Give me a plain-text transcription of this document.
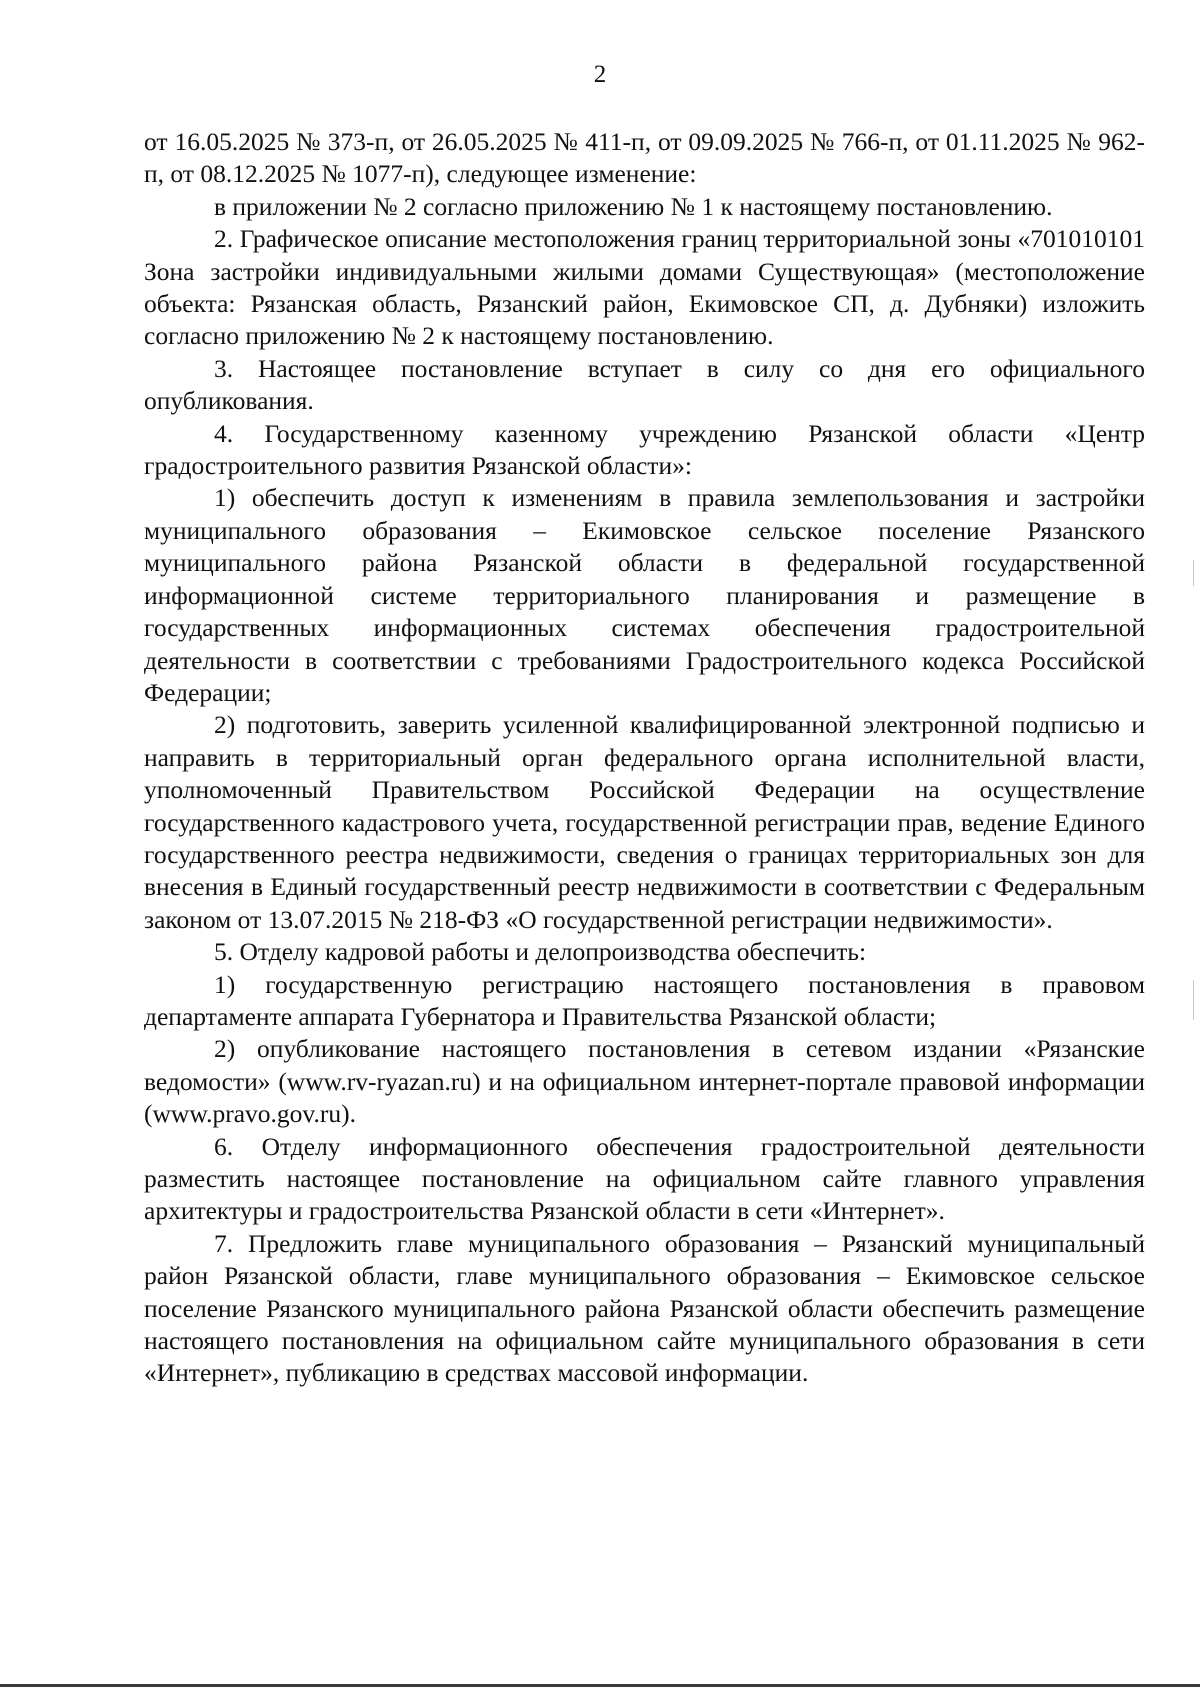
2

от 16.05.2025 № 373-п, от 26.05.2025 № 411-п, от 09.09.2025 № 766-п, от 01.11.2025 № 962-п, от 08.12.2025 № 1077-п), следующее изменение:

в приложении № 2 согласно приложению № 1 к настоящему постановлению.

2. Графическое описание местоположения границ территориальной зоны «701010101 Зона застройки индивидуальными жилыми домами Существующая» (местоположение объекта: Рязанская область, Рязанский район, Екимовское СП, д. Дубняки) изложить согласно приложению № 2 к настоящему постановлению.

3. Настоящее постановление вступает в силу со дня его официального опубликования.

4. Государственному казенному учреждению Рязанской области «Центр градостроительного развития Рязанской области»:

1) обеспечить доступ к изменениям в правила землепользования и застройки муниципального образования – Екимовское сельское поселение Рязанского муниципального района Рязанской области в федеральной государственной информационной системе территориального планирования и размещение в государственных информационных системах обеспечения градостроительной деятельности в соответствии с требованиями Градостроительного кодекса Российской Федерации;

2) подготовить, заверить усиленной квалифицированной электронной подписью и направить в территориальный орган федерального органа исполнительной власти, уполномоченный Правительством Российской Федерации на осуществление государственного кадастрового учета, государственной регистрации прав, ведение Единого государственного реестра недвижимости, сведения о границах территориальных зон для внесения в Единый государственный реестр недвижимости в соответствии с Федеральным законом от 13.07.2015 № 218-ФЗ «О государственной регистрации недвижимости».

5. Отделу кадровой работы и делопроизводства обеспечить:

1) государственную регистрацию настоящего постановления в правовом департаменте аппарата Губернатора и Правительства Рязанской области;

2) опубликование настоящего постановления в сетевом издании «Рязанские ведомости» (www.rv-ryazan.ru) и на официальном интернет-портале правовой информации (www.pravo.gov.ru).

6. Отделу информационного обеспечения градостроительной деятельности разместить настоящее постановление на официальном сайте главного управления архитектуры и градостроительства Рязанской области в сети «Интернет».

7. Предложить главе муниципального образования – Рязанский муниципальный район Рязанской области, главе муниципального образования – Екимовское сельское поселение Рязанского муниципального района Рязанской области обеспечить размещение настоящего постановления на официальном сайте муниципального образования в сети «Интернет», публикацию в средствах массовой информации.
